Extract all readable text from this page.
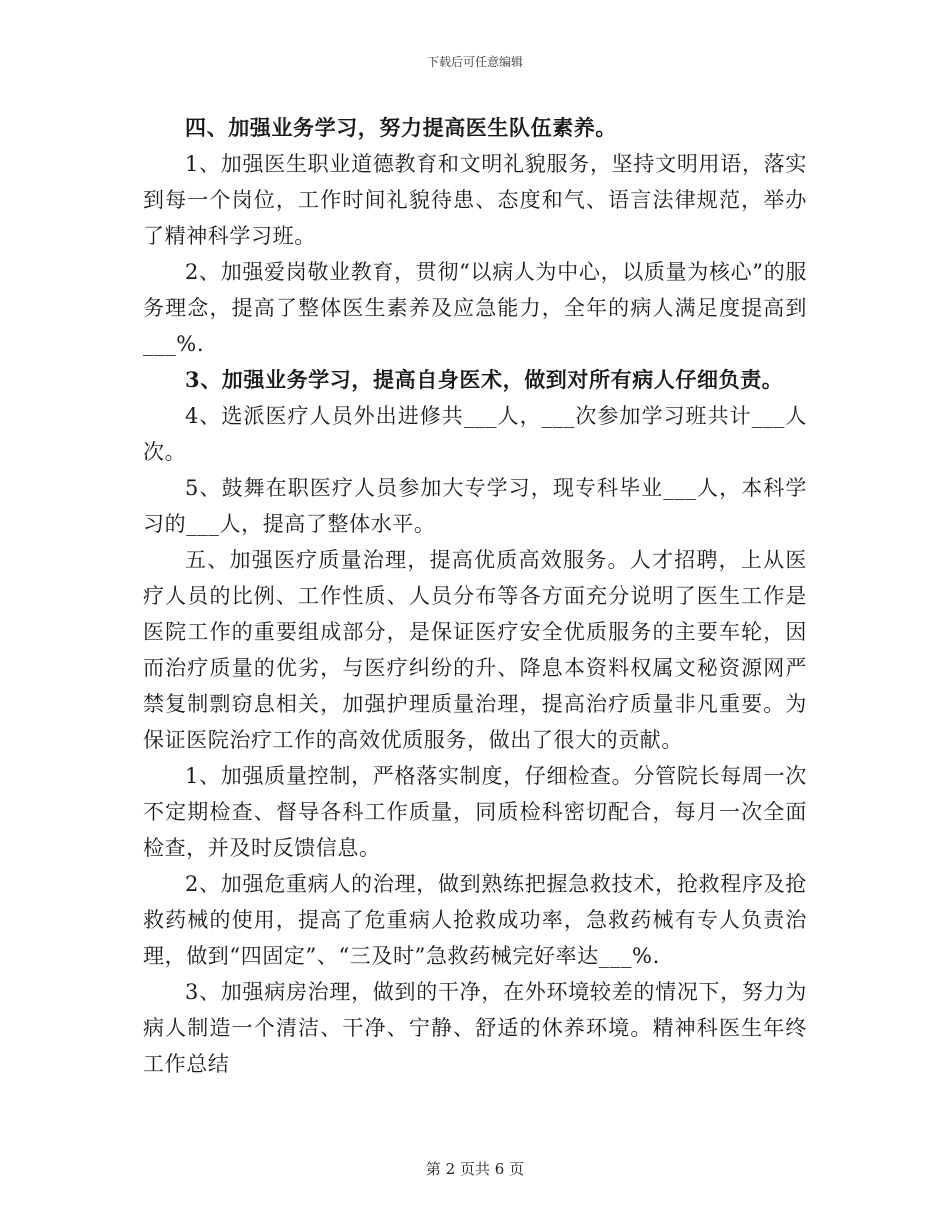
下载后可任意编辑

四、加强业务学习，努力提高医生队伍素养。

1、加强医生职业道德教育和文明礼貌服务，坚持文明用语，落实到每一个岗位，工作时间礼貌待患、态度和气、语言法律规范，举办了精神科学习班。

2、加强爱岗敬业教育，贯彻“以病人为中心，以质量为核心”的服务理念，提高了整体医生素养及应急能力，全年的病人满足度提高到___%.

3、加强业务学习，提高自身医术，做到对所有病人仔细负责。

4、选派医疗人员外出进修共___人，___次参加学习班共计___人次。

5、鼓舞在职医疗人员参加大专学习，现专科毕业___人，本科学习的___人，提高了整体水平。

五、加强医疗质量治理，提高优质高效服务。人才招聘，上从医疗人员的比例、工作性质、人员分布等各方面充分说明了医生工作是医院工作的重要组成部分，是保证医疗安全优质服务的主要车轮，因而治疗质量的优劣，与医疗纠纷的升、降息本资料权属文秘资源网严禁复制剽窃息相关，加强护理质量治理，提高治疗质量非凡重要。为保证医院治疗工作的高效优质服务，做出了很大的贡献。

1、加强质量控制，严格落实制度，仔细检查。分管院长每周一次不定期检查、督导各科工作质量，同质检科密切配合，每月一次全面检查，并及时反馈信息。

2、加强危重病人的治理，做到熟练把握急救技术，抢救程序及抢救药械的使用，提高了危重病人抢救成功率，急救药械有专人负责治理，做到“四固定”、“三及时”急救药械完好率达___%.

3、加强病房治理，做到的干净，在外环境较差的情况下，努力为病人制造一个清洁、干净、宁静、舒适的休养环境。精神科医生年终工作总结

第 2 页共 6 页
